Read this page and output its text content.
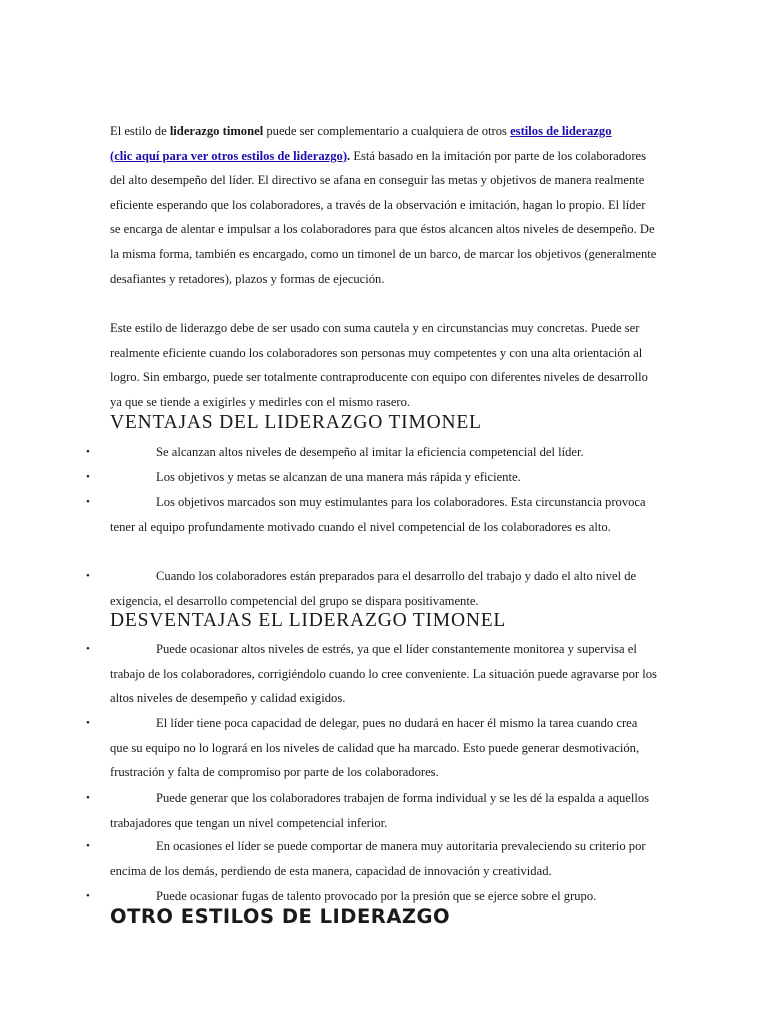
El estilo de liderazgo timonel puede ser complementario a cualquiera de otros estilos de liderazgo
(clic aquí para ver otros estilos de liderazgo). Está basado en la imitación por parte de los colaboradores del alto desempeño del líder. El directivo se afana en conseguir las metas y objetivos de manera realmente eficiente esperando que los colaboradores, a través de la observación e imitación, hagan lo propio. El líder se encarga de alentar e impulsar a los colaboradores para que éstos alcancen altos niveles de desempeño. De la misma forma, también es encargado, como un timonel de un barco, de marcar los objetivos (generalmente desafiantes y retadores), plazos y formas de ejecución.

Este estilo de liderazgo debe de ser usado con suma cautela y en circunstancias muy concretas. Puede ser realmente eficiente cuando los colaboradores son personas muy competentes y con una alta orientación al logro. Sin embargo, puede ser totalmente contraproducente con equipo con diferentes niveles de desarrollo ya que se tiende a exigirles y medirles con el mismo rasero.

VENTAJAS DEL LIDERAZGO TIMONEL
•	Se alcanzan altos niveles de desempeño al imitar la eficiencia competencial del líder.

•	Los objetivos y metas se alcanzan de una manera más rápida y eficiente.

•	Los objetivos marcados son muy estimulantes para los colaboradores. Esta circunstancia provoca tener al equipo profundamente motivado cuando el nivel competencial de los colaboradores es alto.

•	Cuando los colaboradores están preparados para el desarrollo del trabajo y dado el alto nivel de exigencia, el desarrollo competencial del grupo se dispara positivamente.

DESVENTAJAS EL LIDERAZGO TIMONEL
•	Puede ocasionar altos niveles de estrés, ya que el líder constantemente monitorea y supervisa el trabajo de los colaboradores, corrigiéndolo cuando lo cree conveniente. La situación puede agravarse por los altos niveles de desempeño y calidad exigidos.

•	El líder tiene poca capacidad de delegar, pues no dudará en hacer él mismo la tarea cuando crea que su equipo no lo logrará en los niveles de calidad que ha marcado. Esto puede generar desmotivación, frustración y falta de compromiso por parte de los colaboradores.

•	Puede generar que los colaboradores trabajen de forma individual y se les dé la espalda a aquellos trabajadores que tengan un nivel competencial inferior.

•	En ocasiones el líder se puede comportar de manera muy autoritaria prevaleciendo su criterio por encima de los demás, perdiendo de esta manera, capacidad de innovación y creatividad.

•	Puede ocasionar fugas de talento provocado por la presión que se ejerce sobre el grupo.

OTRO ESTILOS DE LIDERAZGO
